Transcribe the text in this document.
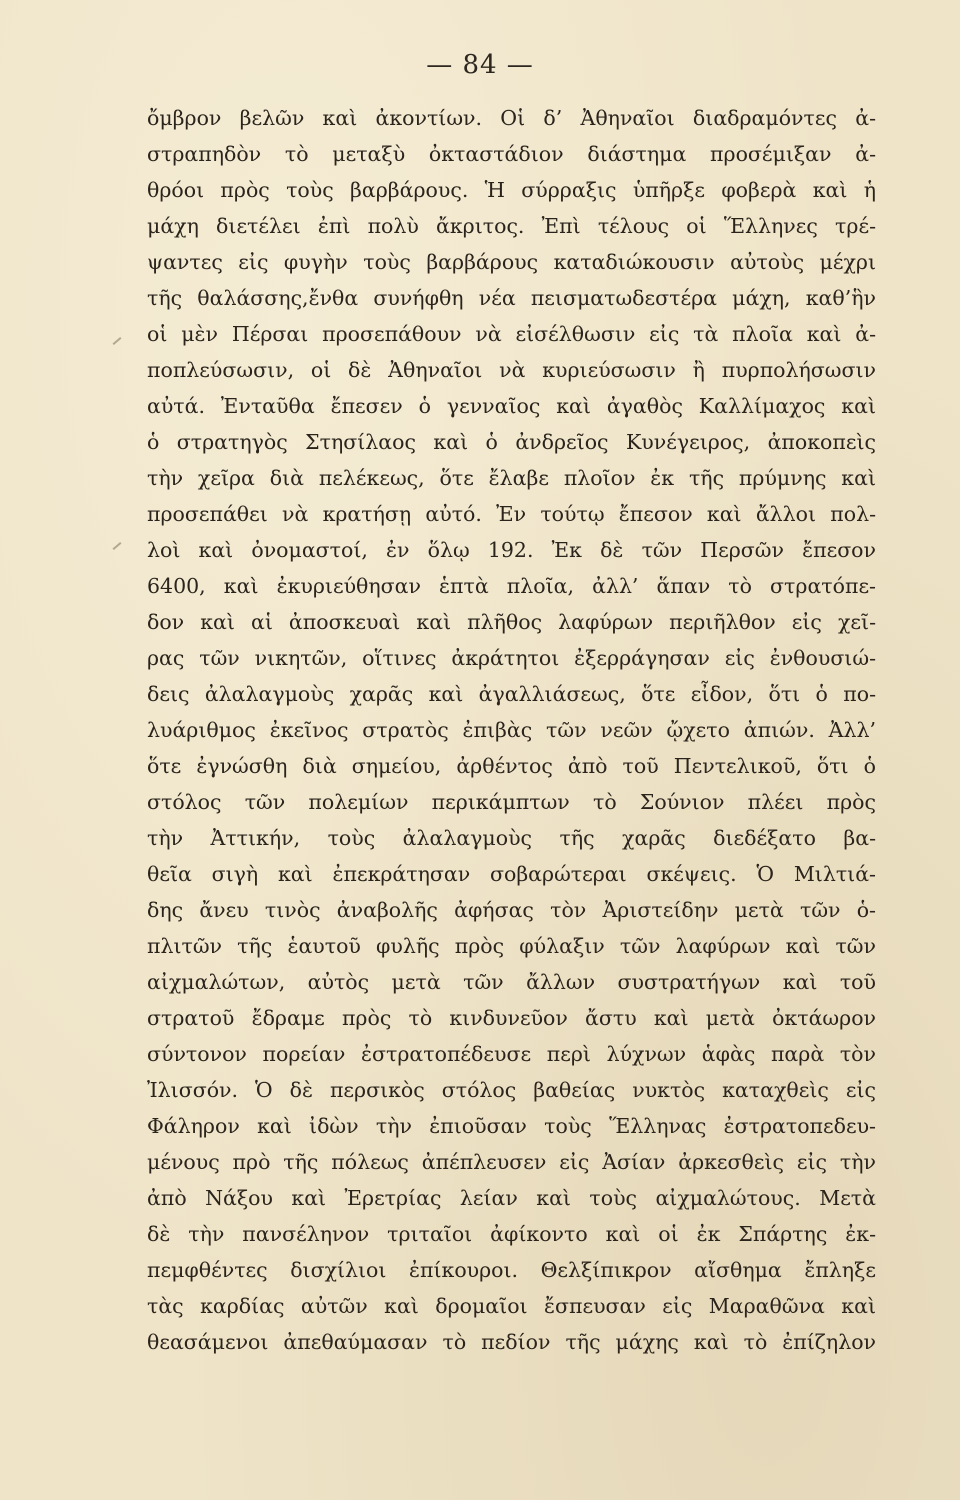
— 84 —
ὄμβρον βελῶν καὶ ἀκοντίων. Οἱ δ’ Ἀθηναῖοι διαδραμόντες ἀ-
στραπηδὸν τὸ μεταξὺ ὀκταστάδιον διάστημα προσέμιξαν ἀ-
θρόοι πρὸς τοὺς βαρβάρους. Ἡ σύρραξις ὑπῆρξε φοβερὰ καὶ ἡ
μάχη διετέλει ἐπὶ πολὺ ἄκριτος. Ἐπὶ τέλους οἱ Ἕλληνες τρέ-
ψαντες εἰς φυγὴν τοὺς βαρβάρους καταδιώκουσιν αὐτοὺς μέχρι
τῆς θαλάσσης,ἔνθα συνήφθη νέα πεισματωδεστέρα μάχη, καθ’ἣν
οἱ μὲν Πέρσαι προσεπάθουν νὰ εἰσέλθωσιν εἰς τὰ πλοῖα καὶ ἀ-
ποπλεύσωσιν, οἱ δὲ Ἀθηναῖοι νὰ κυριεύσωσιν ἢ πυρπολήσωσιν
αὐτά. Ἐνταῦθα ἔπεσεν ὁ γενναῖος καὶ ἀγαθὸς Καλλίμαχος καὶ
ὁ στρατηγὸς Στησίλαος καὶ ὁ ἀνδρεῖος Κυνέγειρος, ἀποκοπεὶς
τὴν χεῖρα διὰ πελέκεως, ὅτε ἔλαβε πλοῖον ἐκ τῆς πρύμνης καὶ
προσεπάθει νὰ κρατήσῃ αὐτό. Ἐν τούτῳ ἔπεσον καὶ ἄλλοι πολ-
λοὶ καὶ ὀνομαστοί, ἐν ὅλῳ 192. Ἐκ δὲ τῶν Περσῶν ἔπεσον
6400, καὶ ἐκυριεύθησαν ἑπτὰ πλοῖα, ἀλλ’ ἅπαν τὸ στρατόπε-
δον καὶ αἱ ἀποσκευαὶ καὶ πλῆθος λαφύρων περιῆλθον εἰς χεῖ-
ρας τῶν νικητῶν, οἵτινες ἀκράτητοι ἐξερράγησαν εἰς ἐνθουσιώ-
δεις ἀλαλαγμοὺς χαρᾶς καὶ ἀγαλλιάσεως, ὅτε εἶδον, ὅτι ὁ πο-
λυάριθμος ἐκεῖνος στρατὸς ἐπιβὰς τῶν νεῶν ᾤχετο ἀπιών. Ἀλλ’
ὅτε ἐγνώσθη διὰ σημείου, ἀρθέντος ἀπὸ τοῦ Πεντελικοῦ, ὅτι ὁ
στόλος τῶν πολεμίων περικάμπτων τὸ Σούνιον πλέει πρὸς
τὴν Ἀττικήν, τοὺς ἀλαλαγμοὺς τῆς χαρᾶς διεδέξατο βα-
θεῖα σιγὴ καὶ ἐπεκράτησαν σοβαρώτεραι σκέψεις. Ὁ Μιλτιά-
δης ἄνευ τινὸς ἀναβολῆς ἀφήσας τὸν Ἀριστείδην μετὰ τῶν ὁ-
πλιτῶν τῆς ἑαυτοῦ φυλῆς πρὸς φύλαξιν τῶν λαφύρων καὶ τῶν
αἰχμαλώτων, αὐτὸς μετὰ τῶν ἄλλων συστρατήγων καὶ τοῦ
στρατοῦ ἔδραμε πρὸς τὸ κινδυνεῦον ἄστυ καὶ μετὰ ὀκτάωρον
σύντονον πορείαν ἐστρατοπέδευσε περὶ λύχνων ἁφὰς παρὰ τὸν
Ἰλισσόν. Ὁ δὲ περσικὸς στόλος βαθείας νυκτὸς καταχθεὶς εἰς
Φάληρον καὶ ἰδὼν τὴν ἐπιοῦσαν τοὺς Ἕλληνας ἐστρατοπεδευ-
μένους πρὸ τῆς πόλεως ἀπέπλευσεν εἰς Ἀσίαν ἀρκεσθεὶς εἰς τὴν
ἀπὸ Νάξου καὶ Ἐρετρίας λείαν καὶ τοὺς αἰχμαλώτους. Μετὰ
δὲ τὴν πανσέληνον τριταῖοι ἀφίκοντο καὶ οἱ ἐκ Σπάρτης ἐκ-
πεμφθέντες δισχίλιοι ἐπίκουροι. Θελξίπικρον αἴσθημα ἔπληξε
τὰς καρδίας αὐτῶν καὶ δρομαῖοι ἔσπευσαν εἰς Μαραθῶνα καὶ
θεασάμενοι ἀπεθαύμασαν τὸ πεδίον τῆς μάχης καὶ τὸ ἐπίζηλον
